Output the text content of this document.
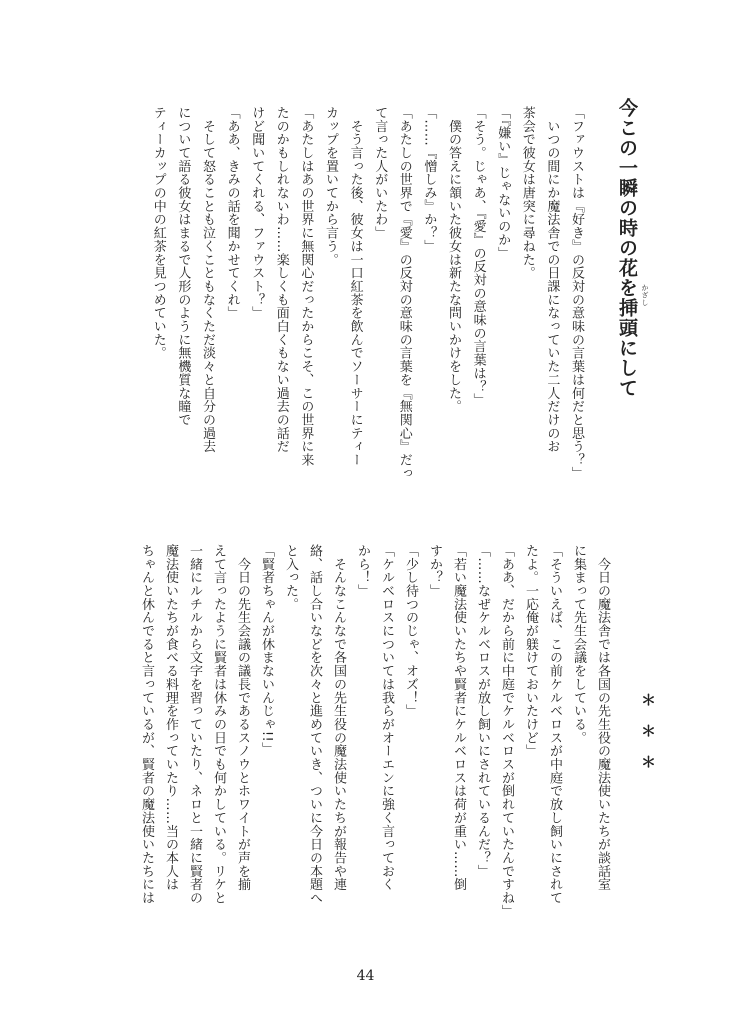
今この一瞬の時の花を挿頭にして かざし
「ファウストは『好き』の反対の意味の言葉は何だと思う？」
　いつの間にか魔法舎での日課になっていた二人だけのお
茶会で彼女は唐突に尋ねた。
「『嫌い』じゃないのか」
「そう。じゃあ、『愛』の反対の意味の言葉は？」
　僕の答えに頷いた彼女は新たな問いかけをした。
「……『憎しみ』か？」
「あたしの世界で『愛』の反対の意味の言葉を『無関心』だっ
て言った人がいたわ」
　そう言った後、彼女は一口紅茶を飲んでソーサーにティー
カップを置いてから言う。
「あたしはあの世界に無関心だったからこそ、この世界に来
たのかもしれないわ……楽しくも面白くもない過去の話だ
けど聞いてくれる、ファウスト？」
「ああ、きみの話を聞かせてくれ」
　そして怒ることも泣くこともなくただ淡々と自分の過去
について語る彼女はまるで人形のように無機質な瞳で
ティーカップの中の紅茶を見つめていた。
＊＊＊
　今日の魔法舎では各国の先生役の魔法使いたちが談話室
に集まって先生会議をしている。
「そういえば、この前ケルベロスが中庭で放し飼いにされて
たよ。一応俺が躾けておいたけど」
「ああ、だから前に中庭でケルベロスが倒れていたんですね」
「……なぜケルベロスが放し飼いにされているんだ？」
「若い魔法使いたちや賢者にケルベロスは荷が重い……倒
すか？」
「少し待つのじゃ、オズ！」
「ケルベロスについては我らがオーエンに強く言っておく
から！」
　そんなこんなで各国の先生役の魔法使いたちが報告や連
絡、話し合いなどを次々と進めていき、ついに今日の本題へ
と入った。
「賢者ちゃんが休まないんじゃ!!」
　今日の先生会議の議長であるスノウとホワイトが声を揃
えて言ったように賢者は休みの日でも何かしている。リケと
一緒にルチルから文字を習っていたり、ネロと一緒に賢者の
魔法使いたちが食べる料理を作っていたり……当の本人は
ちゃんと休んでると言っているが、賢者の魔法使いたちには
44
